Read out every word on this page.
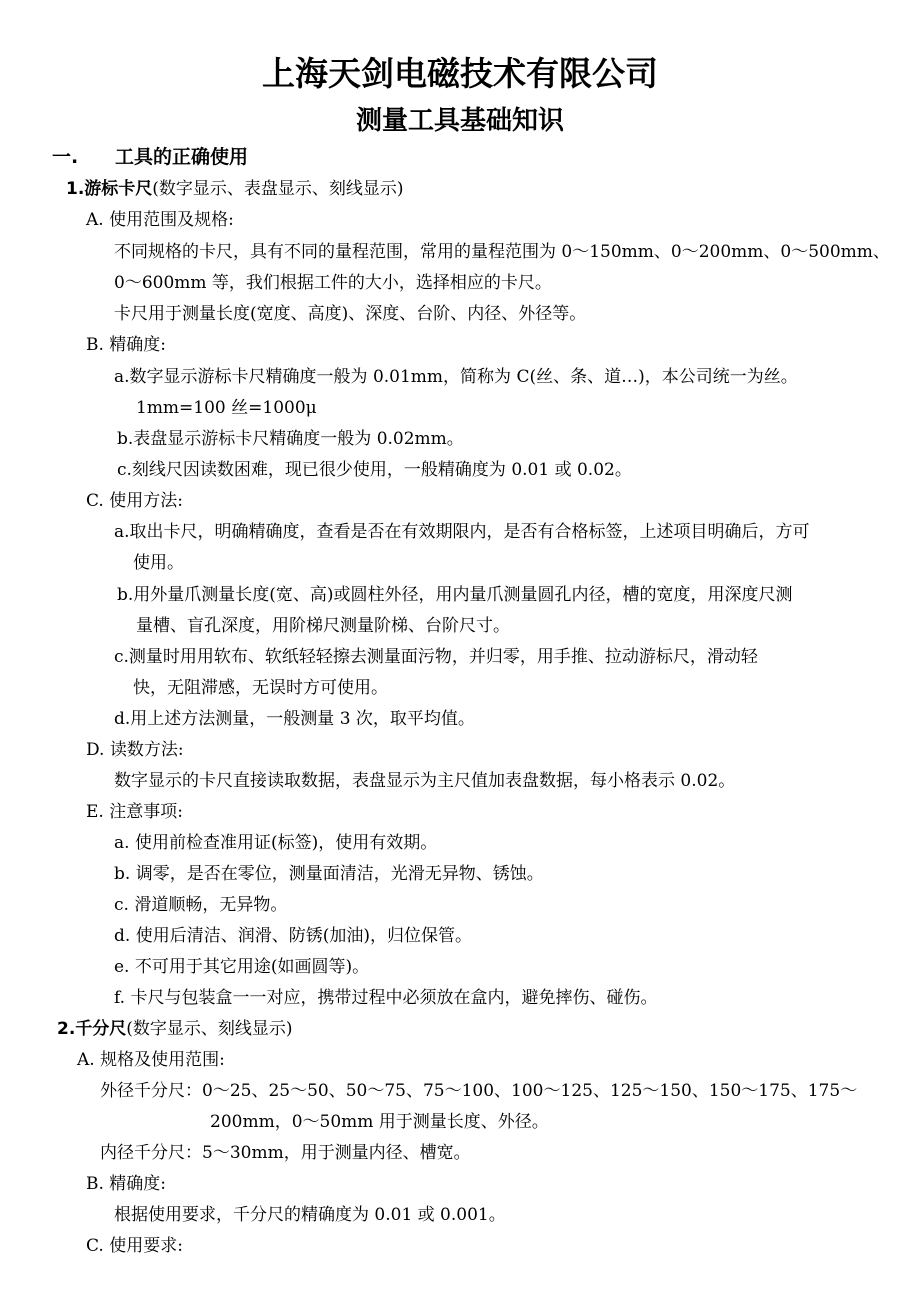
上海天剑电磁技术有限公司
测量工具基础知识
一. 工具的正确使用
1.游标卡尺(数字显示、表盘显示、刻线显示)
A. 使用范围及规格:
不同规格的卡尺，具有不同的量程范围，常用的量程范围为 0～150mm、0～200mm、0～500mm、
0～600mm 等，我们根据工件的大小，选择相应的卡尺。
卡尺用于测量长度(宽度、高度)、深度、台阶、内径、外径等。
B. 精确度:
a.数字显示游标卡尺精确度一般为 0.01mm，简称为 C(丝、条、道…)，本公司统一为丝。
1mm=100 丝=1000μ
b.表盘显示游标卡尺精确度一般为 0.02mm。
c.刻线尺因读数困难，现已很少使用，一般精确度为 0.01 或 0.02。
C. 使用方法:
a.取出卡尺，明确精确度，查看是否在有效期限内，是否有合格标签，上述项目明确后，方可
使用。
b.用外量爪测量长度(宽、高)或圆柱外径，用内量爪测量圆孔内径，槽的宽度，用深度尺测
量槽、盲孔深度，用阶梯尺测量阶梯、台阶尺寸。
c.测量时用用软布、软纸轻轻擦去测量面污物，并归零，用手推、拉动游标尺，滑动轻
快，无阻滞感，无误时方可使用。
d.用上述方法测量，一般测量 3 次，取平均值。
D. 读数方法:
数字显示的卡尺直接读取数据，表盘显示为主尺值加表盘数据，每小格表示 0.02。
E. 注意事项:
a. 使用前检查准用证(标签)，使用有效期。
b. 调零，是否在零位，测量面清洁，光滑无异物、锈蚀。
c. 滑道顺畅，无异物。
d. 使用后清洁、润滑、防锈(加油)，归位保管。
e. 不可用于其它用途(如画圆等)。
f. 卡尺与包装盒一一对应，携带过程中必须放在盒内，避免摔伤、碰伤。
2.千分尺(数字显示、刻线显示)
A. 规格及使用范围:
外径千分尺：0～25、25～50、50～75、75～100、100～125、125～150、150～175、175～
200mm，0～50mm 用于测量长度、外径。
内径千分尺：5～30mm，用于测量内径、槽宽。
B. 精确度:
根据使用要求，千分尺的精确度为 0.01 或 0.001。
C. 使用要求:
